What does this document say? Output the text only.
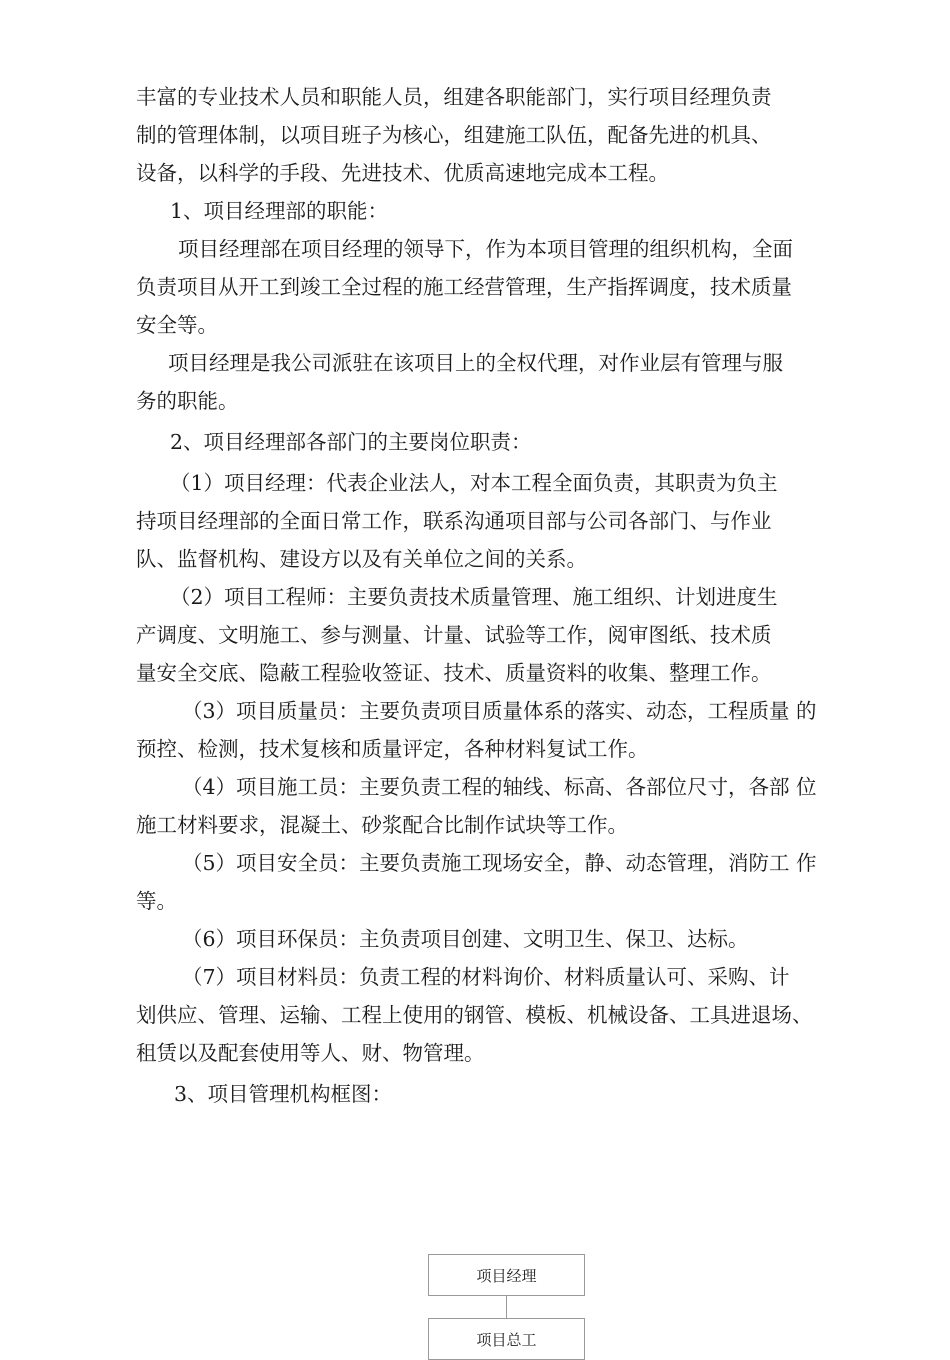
丰富的专业技术人员和职能人员，组建各职能部门，实行项目经理负责

制的管理体制，以项目班子为核心，组建施工队伍，配备先进的机具、

设备，以科学的手段、先进技术、优质高速地完成本工程。

1、项目经理部的职能：

项目经理部在项目经理的领导下，作为本项目管理的组织机构，全面

负责项目从开工到竣工全过程的施工经营管理，生产指挥调度，技术质量

安全等。

项目经理是我公司派驻在该项目上的全权代理，对作业层有管理与服

务的职能。

2、项目经理部各部门的主要岗位职责：

（1）项目经理：代表企业法人，对本工程全面负责，其职责为负主

持项目经理部的全面日常工作，联系沟通项目部与公司各部门、与作业

队、监督机构、建设方以及有关单位之间的关系。

（2）项目工程师：主要负责技术质量管理、施工组织、计划进度生

产调度、文明施工、参与测量、计量、试验等工作，阅审图纸、技术质

量安全交底、隐蔽工程验收签证、技术、质量资料的收集、整理工作。

（3）项目质量员：主要负责项目质量体系的落实、动态，工程质量 的

预控、检测，技术复核和质量评定，各种材料复试工作。

（4）项目施工员：主要负责工程的轴线、标高、各部位尺寸，各部 位

施工材料要求，混凝土、砂浆配合比制作试块等工作。

（5）项目安全员：主要负责施工现场安全，静、动态管理，消防工 作

等。

（6）项目环保员：主负责项目创建、文明卫生、保卫、达标。

（7）项目材料员：负责工程的材料询价、材料质量认可、采购、计

划供应、管理、运输、工程上使用的钢管、模板、机械设备、工具进退场、

租赁以及配套使用等人、财、物管理。

3、项目管理机构框图：

项目经理
项目总工
